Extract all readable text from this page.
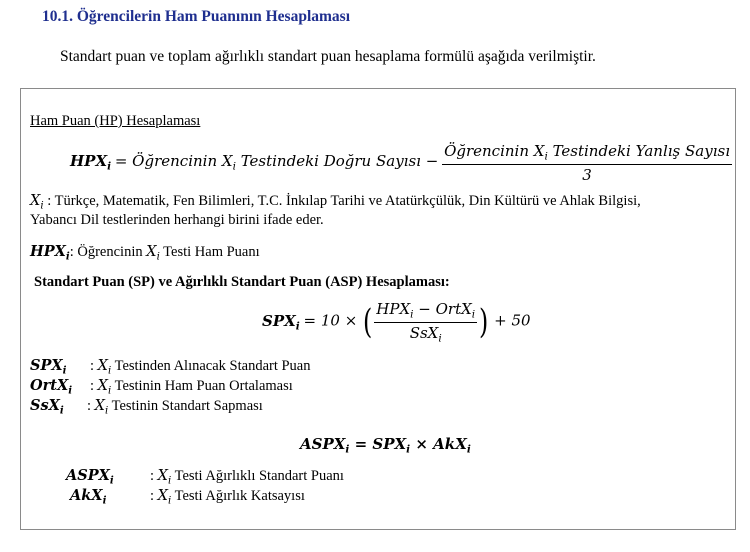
10.1. Öğrencilerin Ham Puanının Hesaplaması
Standart puan ve toplam ağırlıklı standart puan hesaplama formülü aşağıda verilmiştir.
Ham Puan (HP) Hesaplaması
$HPX_i$ = Öğrencinin $X_i$ Testindeki Doğru Sayısı − $\frac{Öğrencinin X_i Testindeki Yanlış Sayısı}{3}$
$X_i$ : Türkçe, Matematik, Fen Bilimleri, T.C. İnkılap Tarihi ve Atatürkçülük, Din Kültürü ve Ahlak Bilgisi,
Yabancı Dil testlerinden herhangi birini ifade eder.
$HPX_i$: Öğrencinin $X_i$ Testi Ham Puanı
Standart Puan (SP) ve Ağırlıklı Standart Puan (ASP) Hesaplaması:
$SPX_i = 10$ × ( $\frac{HPX_i - OrtX_i}{SsX_i}$ ) + 50
$SPX_i$ : $X_i$ Testinden Alınacak Standart Puan
OrtX$_i$ : $X_i$ Testinin Ham Puan Ortalaması
SsX$_i$ : $X_i$ Testinin Standart Sapması
$ASPX_i = SPX_i \times AkX_i$
$ASPX_i$	: $X_i$ Testi Ağırlıklı Standart Puanı
AkX$_i$	: $X_i$ Testi Ağırlık Katsayısı
